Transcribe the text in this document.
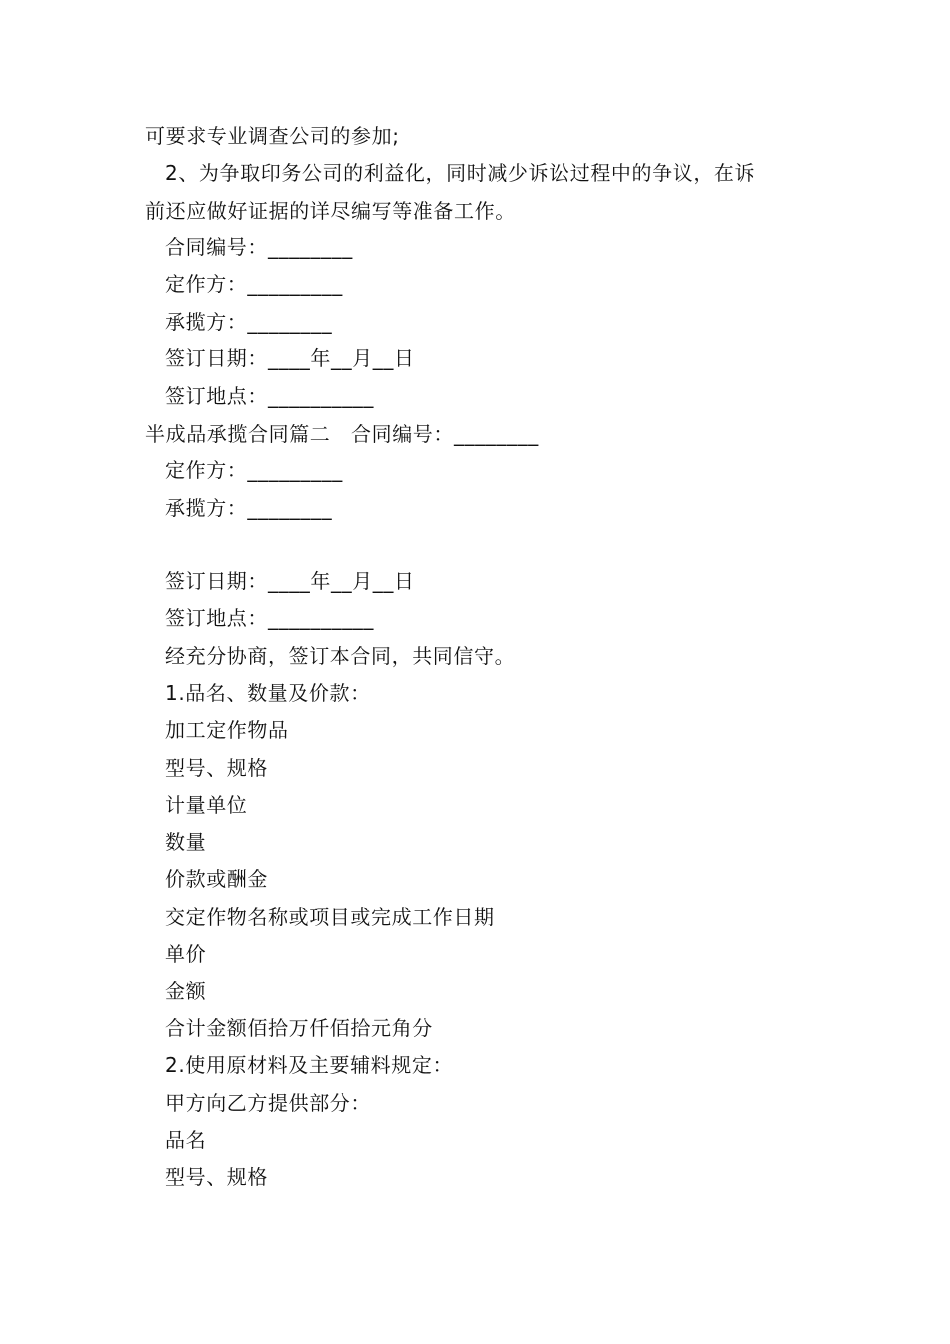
可要求专业调查公司的参加;
2、为争取印务公司的利益化，同时减少诉讼过程中的争议，在诉
前还应做好证据的详尽编写等准备工作。
合同编号：________
定作方：_________
承揽方：________
签订日期：____年__月__日
签订地点：__________
半成品承揽合同篇二　合同编号：________
定作方：_________
承揽方：________
签订日期：____年__月__日
签订地点：__________
经充分协商，签订本合同，共同信守。
1.品名、数量及价款：
加工定作物品
型号、规格
计量单位
数量
价款或酬金
交定作物名称或项目或完成工作日期
单价
金额
合计金额佰拾万仟佰拾元角分
2.使用原材料及主要辅料规定：
甲方向乙方提供部分：
品名
型号、规格
